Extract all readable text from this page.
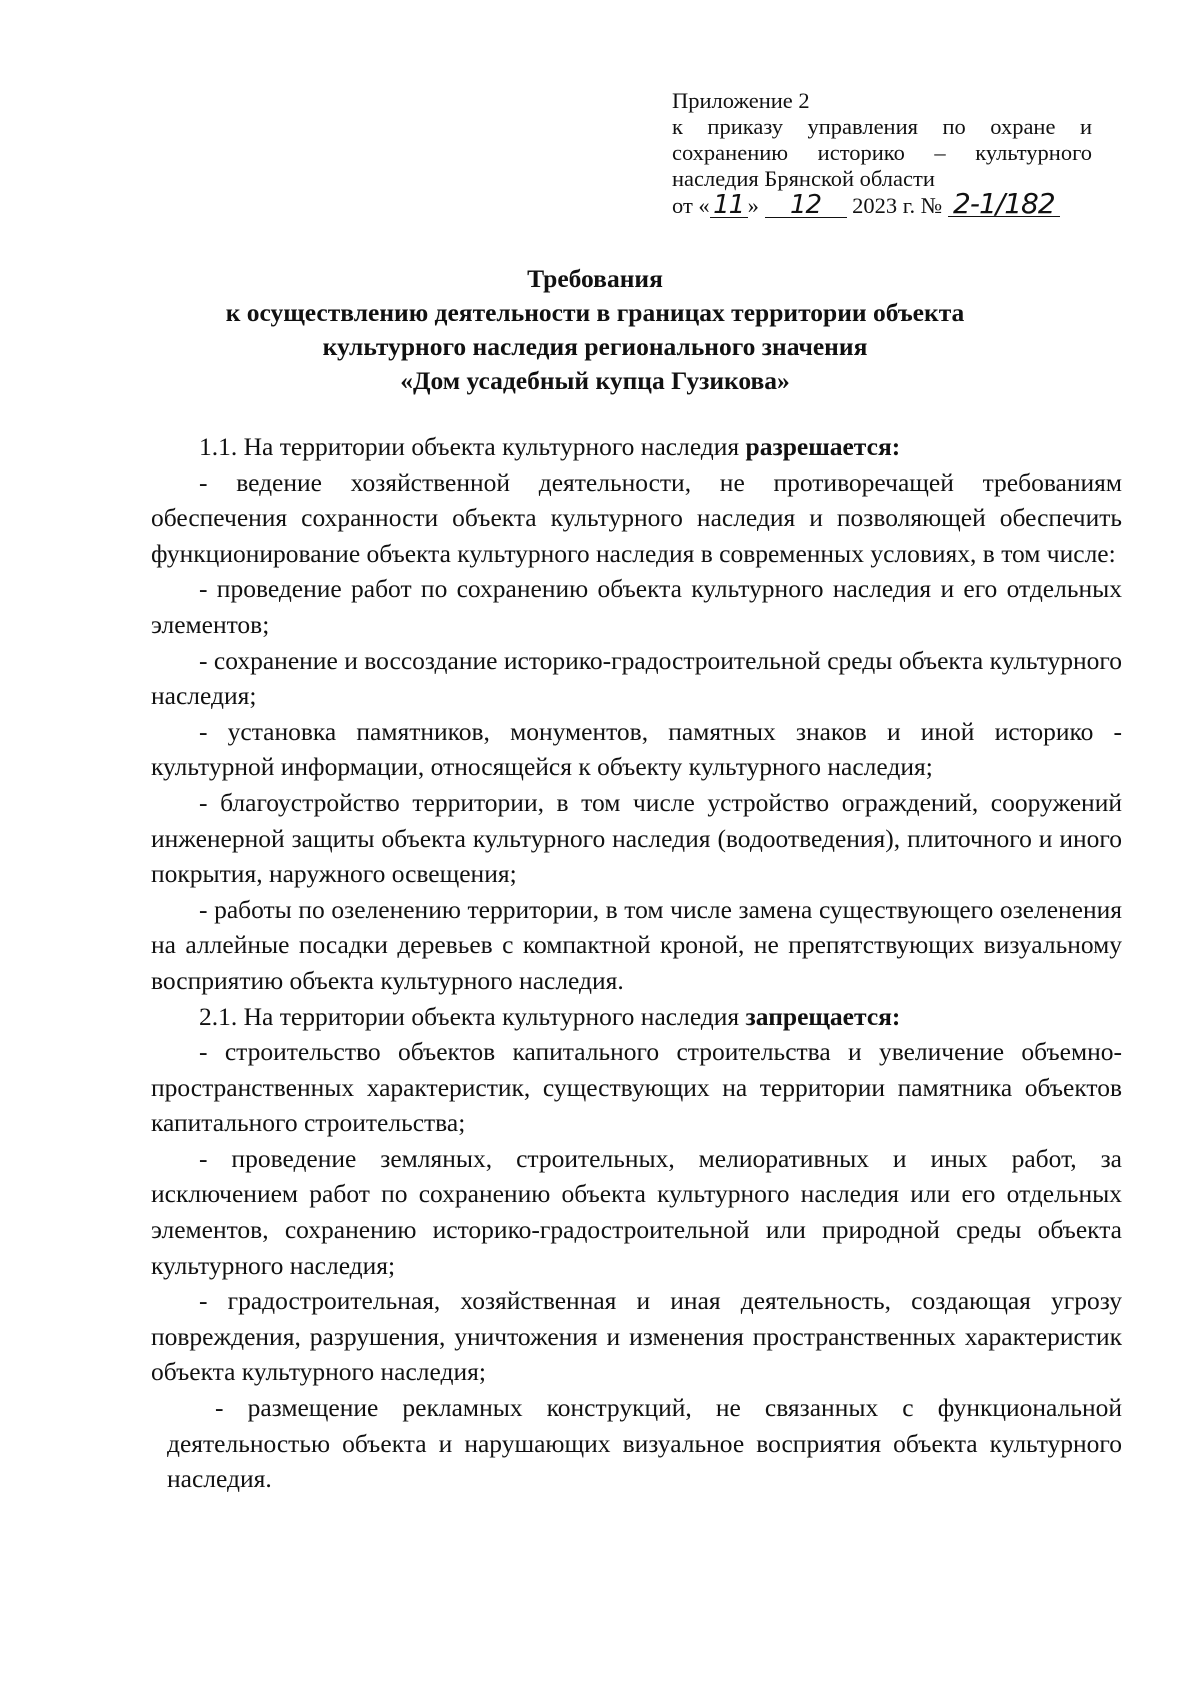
Приложение 2
к приказу управления по охране и
сохранению историко – культурного
наследия Брянской области
от « 11 » 12 2023 г. № 2-1/182
Требования
к осуществлению деятельности в границах территории объекта
культурного наследия регионального значения
«Дом усадебный купца Гузикова»

1.1. На территории объекта культурного наследия разрешается:

- ведение хозяйственной деятельности, не противоречащей требованиям обеспечения сохранности объекта культурного наследия и позволяющей обеспечить функционирование объекта культурного наследия в современных условиях, в том числе:

- проведение работ по сохранению объекта культурного наследия и его отдельных элементов;

- сохранение и воссоздание историко-градостроительной среды объекта культурного наследия;

- установка памятников, монументов, памятных знаков и иной историко - культурной информации, относящейся к объекту культурного наследия;

- благоустройство территории, в том числе устройство ограждений, сооружений инженерной защиты объекта культурного наследия (водоотведения), плиточного и иного покрытия, наружного освещения;

- работы по озеленению территории, в том числе замена существующего озеленения на аллейные посадки деревьев с компактной кроной, не препятствующих визуальному восприятию объекта культурного наследия.

2.1. На территории объекта культурного наследия запрещается:

- строительство объектов капитального строительства и увеличение объемно-пространственных характеристик, существующих на территории памятника объектов капитального строительства;

- проведение земляных, строительных, мелиоративных и иных работ, за исключением работ по сохранению объекта культурного наследия или его отдельных элементов, сохранению историко-градостроительной или природной среды объекта культурного наследия;

- градостроительная, хозяйственная и иная деятельность, создающая угрозу повреждения, разрушения, уничтожения и изменения пространственных характеристик объекта культурного наследия;

- размещение рекламных конструкций, не связанных с функциональной деятельностью объекта и нарушающих визуальное восприятия объекта культурного наследия.
